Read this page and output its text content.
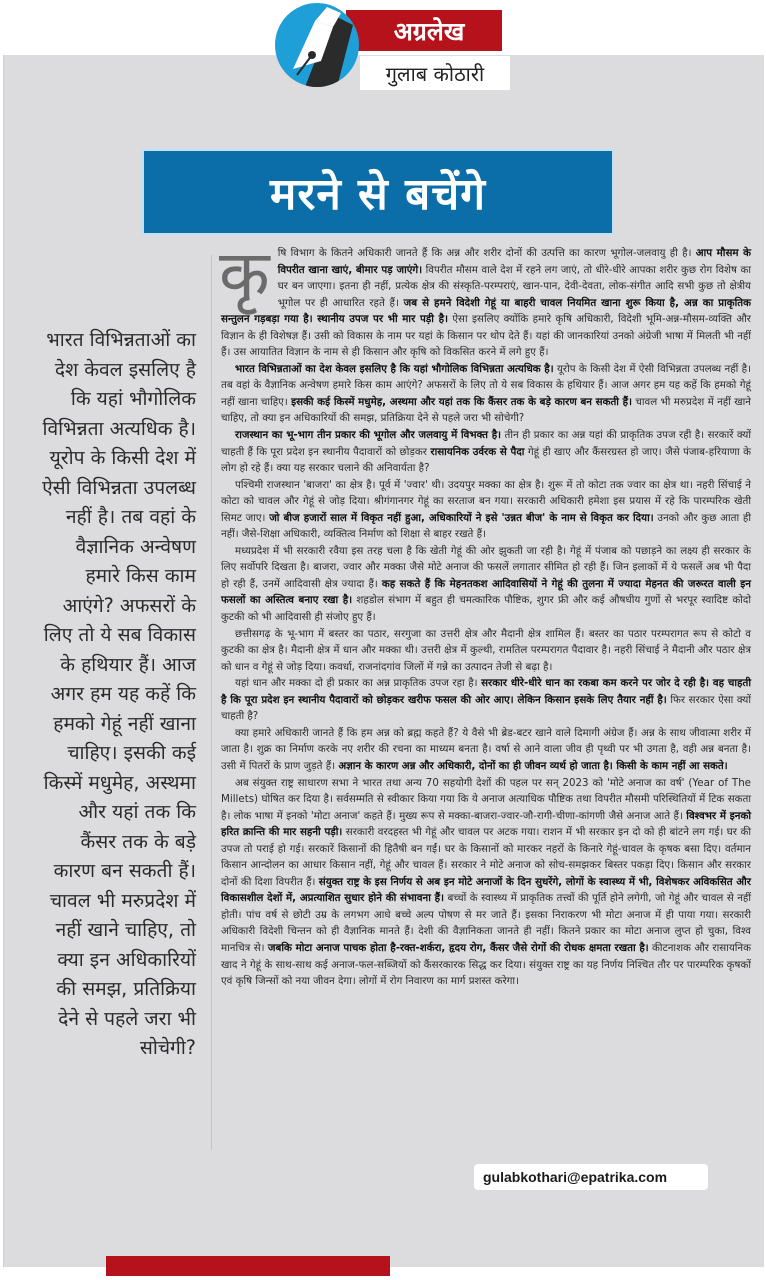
अग्रलेख
गुलाब कोठारी
मरने से बचेंगे
भारत विभिन्नताओं का देश केवल इसलिए है कि यहां भौगोलिक विभिन्नता अत्यधिक है। यूरोप के किसी देश में ऐसी विभिन्नता उपलब्ध नहीं है। तब वहां के वैज्ञानिक अन्वेषण हमारे किस काम आएंगे? अफसरों के लिए तो ये सब विकास के हथियार हैं। आज अगर हम यह कहें कि हमको गेहूं नहीं खाना चाहिए। इसकी कई किस्में मधुमेह, अस्थमा और यहां तक कि कैंसर तक के बड़े कारण बन सकती हैं। चावल भी मरुप्रदेश में नहीं खाने चाहिए, तो क्या इन अधिकारियों की समझ, प्रतिक्रिया देने से पहले जरा भी सोचेगी?
कृ षि विभाग के कितने अधिकारी जानते हैं कि अन्न और शरीर दोनों की उत्पत्ति का कारण भूगोल-जलवायु ही है। आप मौसम के विपरीत खाना खाएं, बीमार पड़ जाएंगे। विपरीत मौसम वाले देश में रहने लग जाएं, तो धीरे-धीरे आपका शरीर कुछ रोग विशेष का घर बन जाएगा। इतना ही नहीं, प्रत्येक क्षेत्र की संस्कृति-परम्पराएं, खान-पान, देवी-देवता, लोक-संगीत आदि सभी कुछ तो क्षेत्रीय भूगोल पर ही आधारित रहते हैं। जब से हमने विदेशी गेहूं या बाहरी चावल नियमित खाना शुरू किया है, अन्न का प्राकृतिक सन्तुलन गड़बड़ा गया है। स्थानीय उपज पर भी मार पड़ी है। ऐसा इसलिए क्योंकि हमारे कृषि अधिकारी, विदेशी भूमि-अन्न-मौसम-व्यक्ति और विज्ञान के ही विशेषज्ञ हैं। उसी को विकास के नाम पर यहां के किसान पर थोप देते हैं। यहां की जानकारियां उनको अंग्रेजी भाषा में मिलती भी नहीं हैं। उस आयातित विज्ञान के नाम से ही किसान और कृषि को विकसित करने में लगे हुए हैं।

भारत विभिन्नताओं का देश केवल इसलिए है कि यहां भौगोलिक विभिन्नता अत्यधिक है। यूरोप के किसी देश में ऐसी विभिन्नता उपलब्ध नहीं है। तब वहां के वैज्ञानिक अन्वेषण हमारे किस काम आएंगे? अफसरों के लिए तो ये सब विकास के हथियार हैं। आज अगर हम यह कहें कि हमको गेहूं नहीं खाना चाहिए। इसकी कई किस्में मधुमेह, अस्थमा और यहां तक कि कैंसर तक के बड़े कारण बन सकती हैं। चावल भी मरुप्रदेश में नहीं खाने चाहिए, तो क्या इन अधिकारियों की समझ, प्रतिक्रिया देने से पहले जरा भी सोचेगी?

राजस्थान का भू-भाग तीन प्रकार की भूगोल और जलवायु में विभक्त है। तीन ही प्रकार का अन्न यहां की प्राकृतिक उपज रही है। सरकारें क्यों चाहती हैं कि पूरा प्रदेश इन स्थानीय पैदावारों को छोड़कर रासायनिक उर्वरक से पैदा गेहूं ही खाए और कैंसरग्रस्त हो जाए। जैसे पंजाब-हरियाणा के लोग हो रहे हैं। क्या यह सरकार चलाने की अनिवार्यता है?

पश्चिमी राजस्थान 'बाजरा' का क्षेत्र है। पूर्व में 'ज्वार' थी। उदयपुर मक्का का क्षेत्र है। शुरू में तो कोटा तक ज्वार का क्षेत्र था। नहरी सिंचाई ने कोटा को चावल और गेहूं से जोड़ दिया। श्रीगंगानगर गेहूं का सरताज बन गया। सरकारी अधिकारी हमेशा इस प्रयास में रहे कि पारम्परिक खेती सिमट जाए। जो बीज हजारों साल में विकृत नहीं हुआ, अधिकारियों ने इसे 'उन्नत बीज' के नाम से विकृत कर दिया। उनको और कुछ आता ही नहीं। जैसे-शिक्षा अधिकारी, व्यक्तित्व निर्माण को शिक्षा से बाहर रखते हैं।

मध्यप्रदेश में भी सरकारी रवैया इस तरह चला है कि खेती गेहूं की ओर झुकती जा रही है। गेहूं में पंजाब को पछाड़ने का लक्ष्य ही सरकार के लिए सर्वोपरि दिखता है। बाजरा, ज्वार और मक्का जैसे मोटे अनाज की फसलें लगातार सीमित हो रही हैं। जिन इलाकों में ये फसलें अब भी पैदा हो रही हैं, उनमें आदिवासी क्षेत्र ज्यादा हैं। कह सकते हैं कि मेहनतकश आदिवासियों ने गेहूं की तुलना में ज्यादा मेहनत की जरूरत वाली इन फसलों का अस्तित्व बनाए रखा है। शहडोल संभाग में बहुत ही चमत्कारिक पौष्टिक, शुगर फ्री और कई औषधीय गुणों से भरपूर स्वादिष्ट कोदो कुटकी को भी आदिवासी ही संजोए हुए हैं।

छत्तीसगढ़ के भू-भाग में बस्तर का पठार, सरगुजा का उत्तरी क्षेत्र और मैदानी क्षेत्र शामिल हैं। बस्तर का पठार परम्परागत रूप से कोटो व कुटकी का क्षेत्र है। मैदानी क्षेत्र में धान और मक्का थी। उत्तरी क्षेत्र में कुल्थी, रामतिल परम्परागत पैदावार है। नहरी सिंचाई ने मैदानी और पठार क्षेत्र को धान व गेहूं से जोड़ दिया। कवर्धा, राजनांदगांव जिलों में गन्ने का उत्पादन तेजी से बढ़ा है।

यहां धान और मक्का दो ही प्रकार का अन्न प्राकृतिक उपज रहा है। सरकार धीरे-धीरे धान का रकबा कम करने पर जोर दे रही है। वह चाहती है कि पूरा प्रदेश इन स्थानीय पैदावारों को छोड़कर खरीफ फसल की ओर आए। लेकिन किसान इसके लिए तैयार नहीं है। फिर सरकार ऐसा क्यों चाहती है?

क्या हमारे अधिकारी जानते हैं कि हम अन्न को ब्रह्म कहते हैं? ये वैसे भी ब्रेड-बटर खाने वाले दिमागी अंग्रेज हैं। अन्न के साथ जीवात्मा शरीर में जाता है। शुक्र का निर्माण करके नए शरीर की रचना का माध्यम बनता है। वर्षा से आने वाला जीव ही पृथ्वी पर भी उगता है, वही अन्न बनता है। उसी में पितरों के प्राण जुड़ते हैं। अज्ञान के कारण अन्न और अधिकारी, दोनों का ही जीवन व्यर्थ हो जाता है। किसी के काम नहीं आ सकते।

अब संयुक्त राष्ट्र साधारण सभा ने भारत तथा अन्य 70 सहयोगी देशों की पहल पर सन् 2023 को 'मोटे अनाज का वर्ष' (Year of The Millets) घोषित कर दिया है। सर्वसम्मति से स्वीकार किया गया कि ये अनाज अत्याधिक पौष्टिक तथा विपरीत मौसमी परिस्थितियों में टिक सकता है। लोक भाषा में इनको 'मोटा अनाज' कहते हैं। मुख्य रूप से मक्का-बाजरा-ज्वार-जौ-रागी-चीणा-कांगणी जैसे अनाज आते हैं। विश्वभर में इनको हरित क्रान्ति की मार सहनी पड़ी। सरकारी वरदहस्त भी गेहूं और चावल पर अटक गया। राशन में भी सरकार इन दो को ही बांटने लग गई। घर की उपज तो पराई हो गई। सरकारें किसानों की हितैषी बन गईं। घर के किसानों को मारकर नहरों के किनारे गेहूं-चावल के कृषक बसा दिए। वर्तमान किसान आन्दोलन का आधार किसान नहीं, गेहूं और चावल हैं। सरकार ने मोटे अनाज को सोच-समझकर बिस्तर पकड़ा दिए। किसान और सरकार दोनों की दिशा विपरीत हैं। संयुक्त राष्ट्र के इस निर्णय से अब इन मोटे अनाजों के दिन सुधरेंगे, लोगों के स्वास्थ्य में भी, विशेषकर अविकसित और विकासशील देशों में, अप्रत्याशित सुधार होने की संभावना हैं। बच्चों के स्वास्थ्य में प्राकृतिक तत्त्वों की पूर्ति होने लगेगी, जो गेहूं और चावल से नहीं होती। पांच वर्ष से छोटी उम्र के लगभग आधे बच्चे अल्प पोषण से मर जाते हैं। इसका निराकरण भी मोटा अनाज में ही पाया गया। सरकारी अधिकारी विदेशी चिन्तन को ही वैज्ञानिक मानते हैं। देशी की वैज्ञानिकता जानते ही नहीं। कितने प्रकार का मोटा अनाज लुप्त हो चुका, विश्व मानचित्र से। जबकि मोटा अनाज पाचक होता है-रक्त-शर्करा, हृदय रोग, कैंसर जैसे रोगों की रोधक क्षमता रखता है। कीटनाशक और रासायनिक खाद ने गेहूं के साथ-साथ कई अनाज-फल-सब्जियों को कैंसरकारक सिद्ध कर दिया। संयुक्त राष्ट्र का यह निर्णय निश्चित तौर पर पारम्परिक कृषकों एवं कृषि जिन्सों को नया जीवन देगा। लोगों में रोग निवारण का मार्ग प्रशस्त करेगा।

gulabkothari@epatrika.com
